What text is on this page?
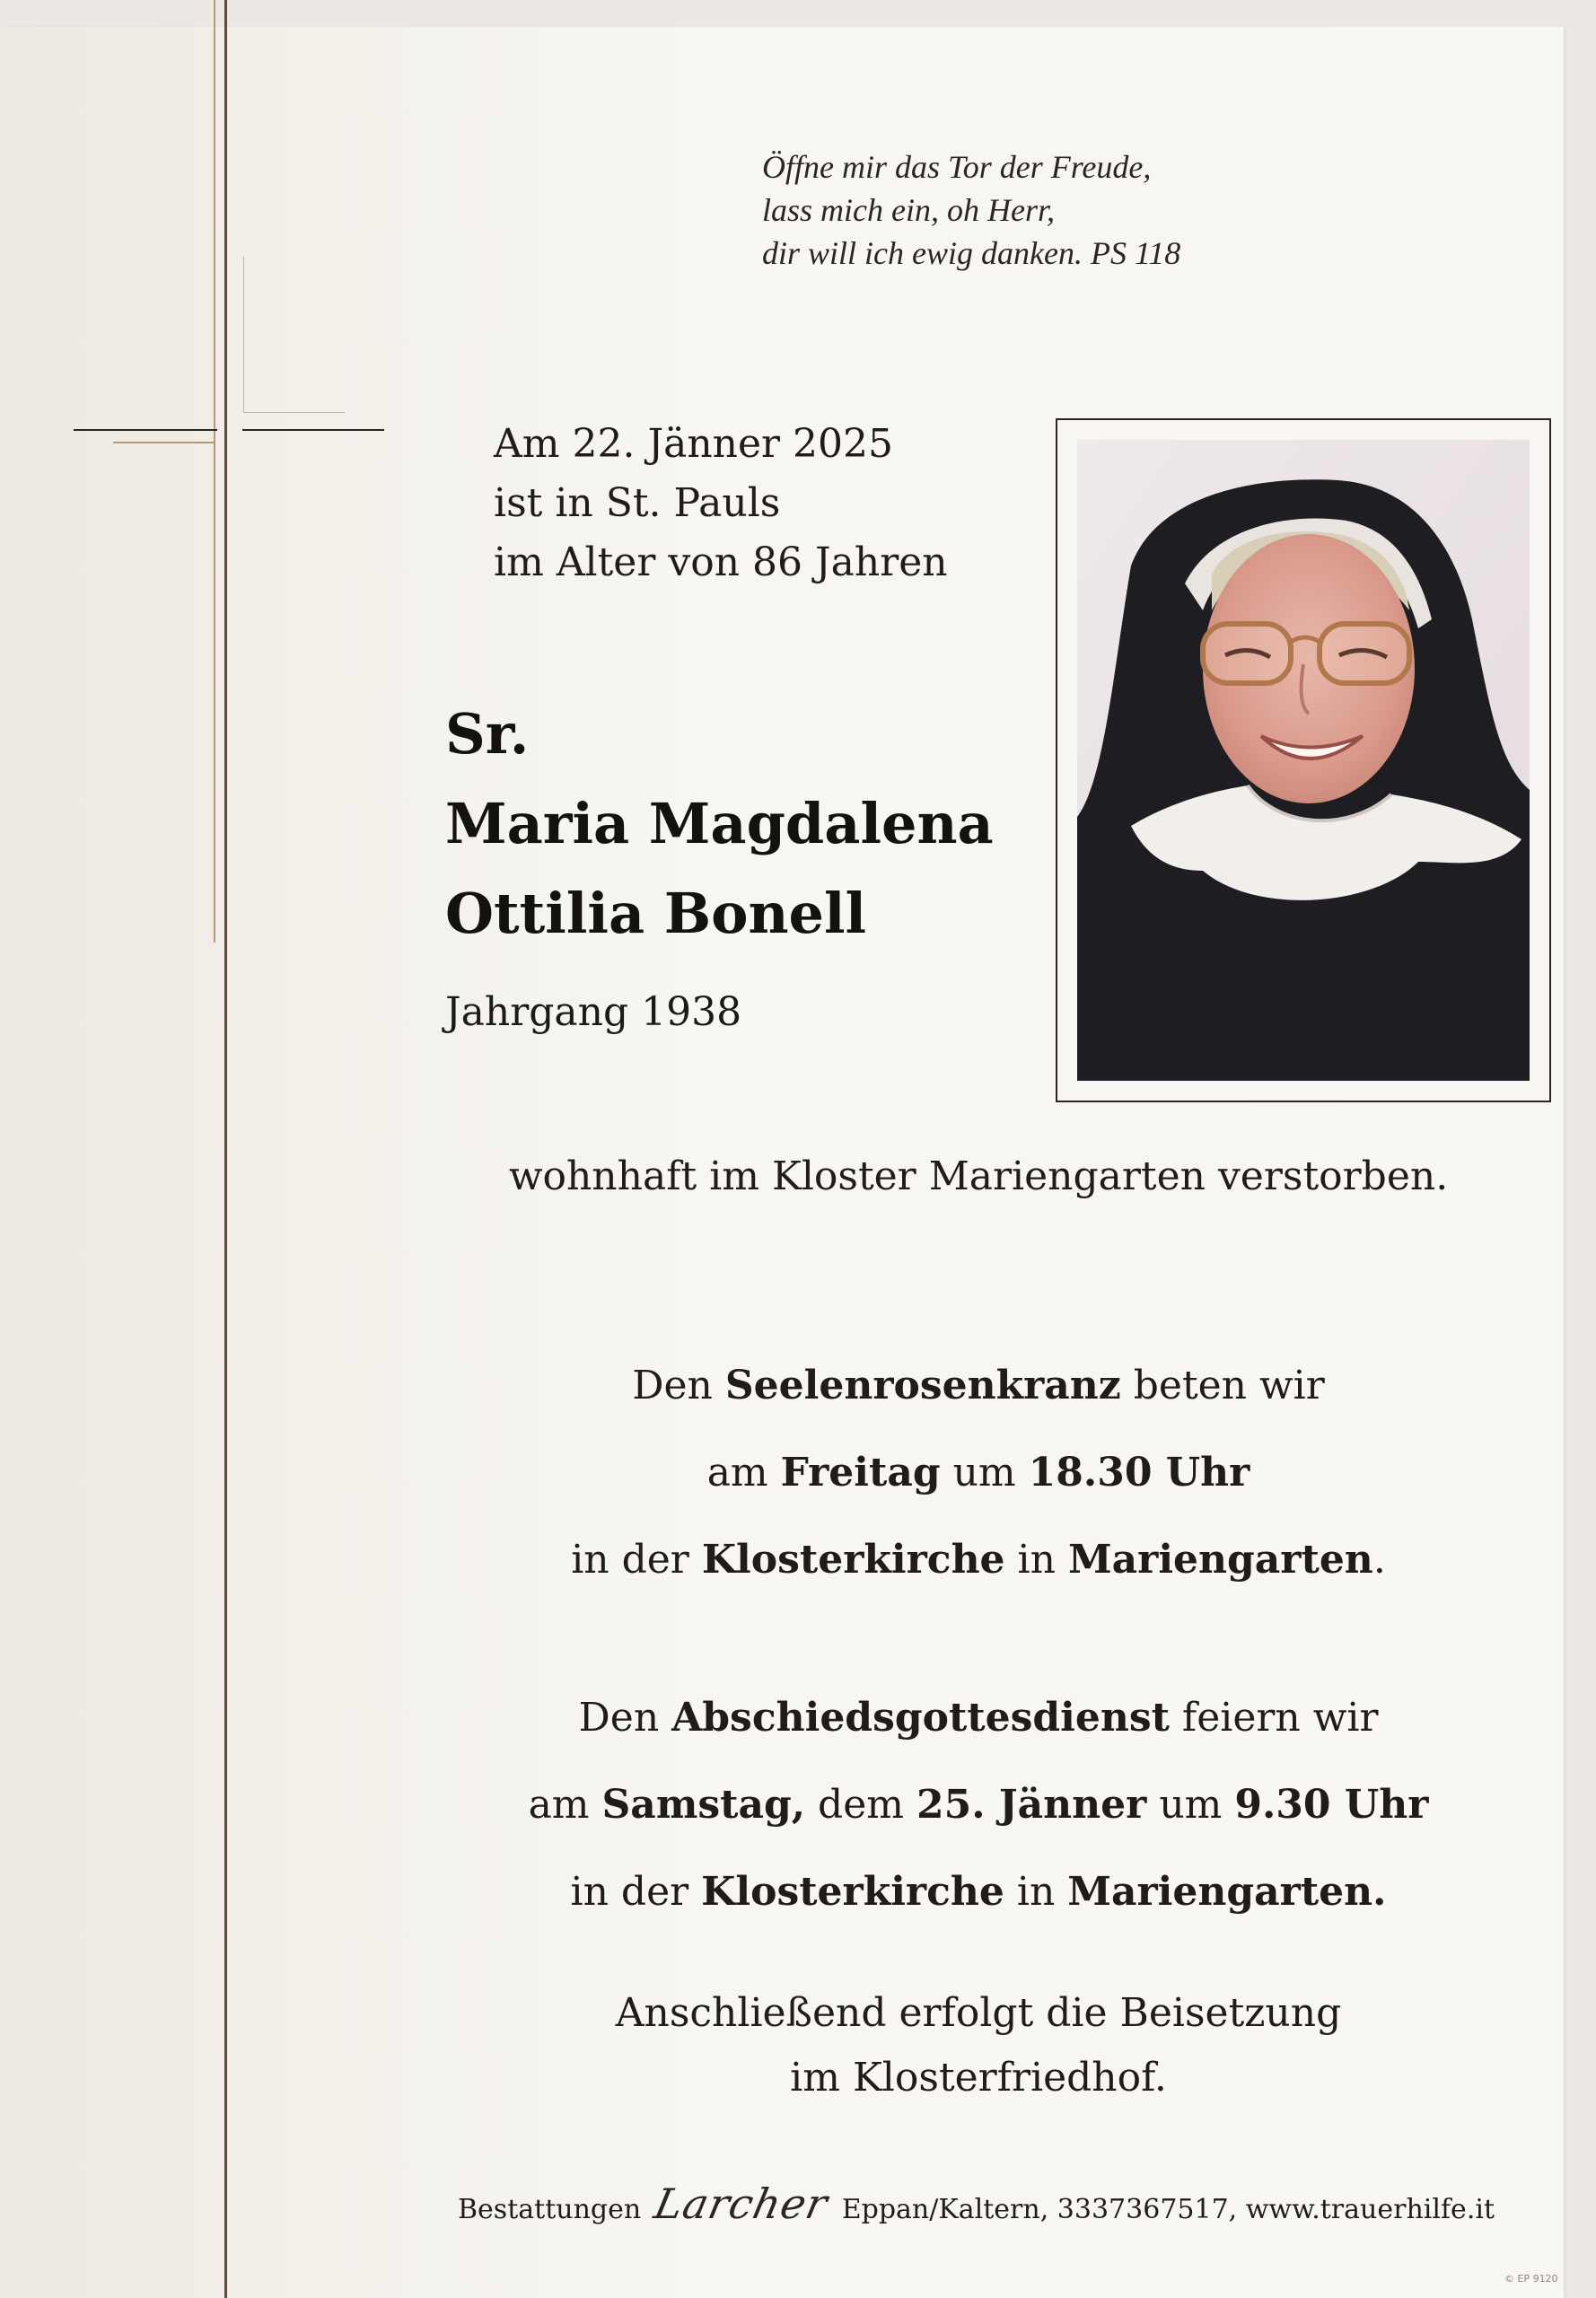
Öffne mir das Tor der Freude,
lass mich ein, oh Herr,
dir will ich ewig danken. PS 118
Am 22. Jänner 2025
ist in St. Pauls
im Alter von 86 Jahren
Sr.
Maria Magdalena
Ottilia Bonell
Jahrgang 1938
wohnhaft im Kloster Mariengarten verstorben.
Den Seelenrosenkranz beten wir
am Freitag um 18.30 Uhr
in der Klosterkirche in Mariengarten.
Den Abschiedsgottesdienst feiern wir
am Samstag, dem 25. Jänner um 9.30 Uhr
in der Klosterkirche in Mariengarten.
Anschließend erfolgt die Beisetzung
im Klosterfriedhof.
Bestattungen Larcher Eppan/Kaltern, 3337367517, www.trauerhilfe.it
© EP 9120
